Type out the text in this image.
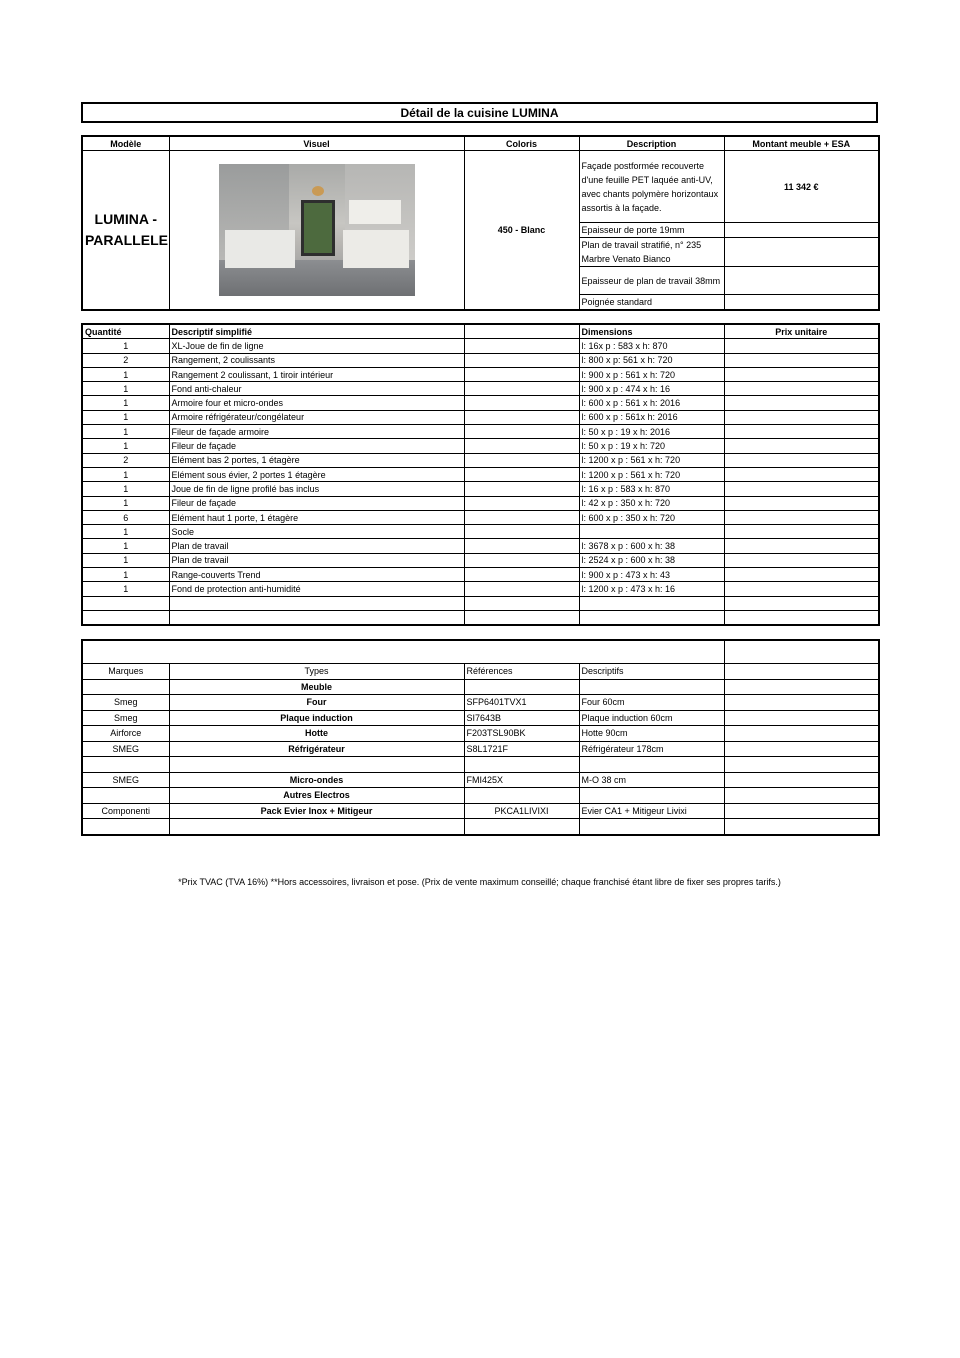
Détail de la cuisine LUMINA
Modèle	Visuel	Coloris	Description	Montant meuble + ESA
LUMINA - PARALLELE		450 - Blanc	Façade postformée recouverte d'une feuille PET laquée anti-UV, avec chants polymère horizontaux assortis à la façade.	11 342 €
			Epaisseur de porte 19mm	
			Plan de travail stratifié, n° 235 Marbre Venato Bianco	
			Epaisseur de plan de travail 38mm	
			Poignée standard	
Quantité	Descriptif simplifié		Dimensions	Prix unitaire
1	XL-Joue de fin de ligne		l: 16x p : 583 x h: 870	
2	Rangement, 2 coulissants		l: 800 x p: 561 x h: 720	
1	Rangement 2 coulissant, 1 tiroir intérieur		l: 900 x p : 561 x h: 720	
1	Fond anti-chaleur		l: 900 x p : 474 x h: 16	
1	Armoire four et micro-ondes		l: 600 x p : 561 x h: 2016	
1	Armoire réfrigérateur/congélateur		l: 600 x p : 561x h: 2016	
1	Fileur de façade armoire		l: 50 x p : 19 x h: 2016	
1	Fileur de façade		l: 50 x p : 19 x h: 720	
2	Elément bas 2 portes, 1 étagère		l: 1200 x p : 561 x h: 720	
1	Elément sous évier, 2 portes 1 étagère		l: 1200 x p : 561 x h: 720	
1	Joue de fin de ligne profilé bas inclus		l: 16 x p : 583 x h: 870	
1	Fileur de façade		l: 42 x p : 350 x h: 720	
6	Elément haut 1 porte, 1 étagère		l: 600 x p : 350 x h: 720	
1	Socle			
1	Plan de travail		l: 3678 x p : 600 x h: 38	
1	Plan de travail		l: 2524 x p : 600 x h: 38	
1	Range-couverts Trend		l: 900 x p : 473 x h: 43	
1	Fond de protection anti-humidité		l: 1200 x p : 473 x h: 16	

Marques	Types	Références	Descriptifs	
	Meuble			
Smeg	Four	SFP6401TVX1	Four 60cm	
Smeg	Plaque induction	SI7643B	Plaque induction 60cm	
Airforce	Hotte	F203TSL90BK	Hotte 90cm	
SMEG	Réfrigérateur	S8L1721F	Réfrigérateur 178cm	

SMEG	Micro-ondes	FMI425X	M-O 38 cm	
	Autres Electros			
Componenti	Pack Evier Inox + Mitigeur	PKCA1LIVIXI	Evier CA1 + Mitigeur Livixi	

*Prix TVAC (TVA 16%) **Hors accessoires, livraison et pose. (Prix de vente maximum conseillé; chaque franchisé étant libre de fixer ses propres tarifs.)
